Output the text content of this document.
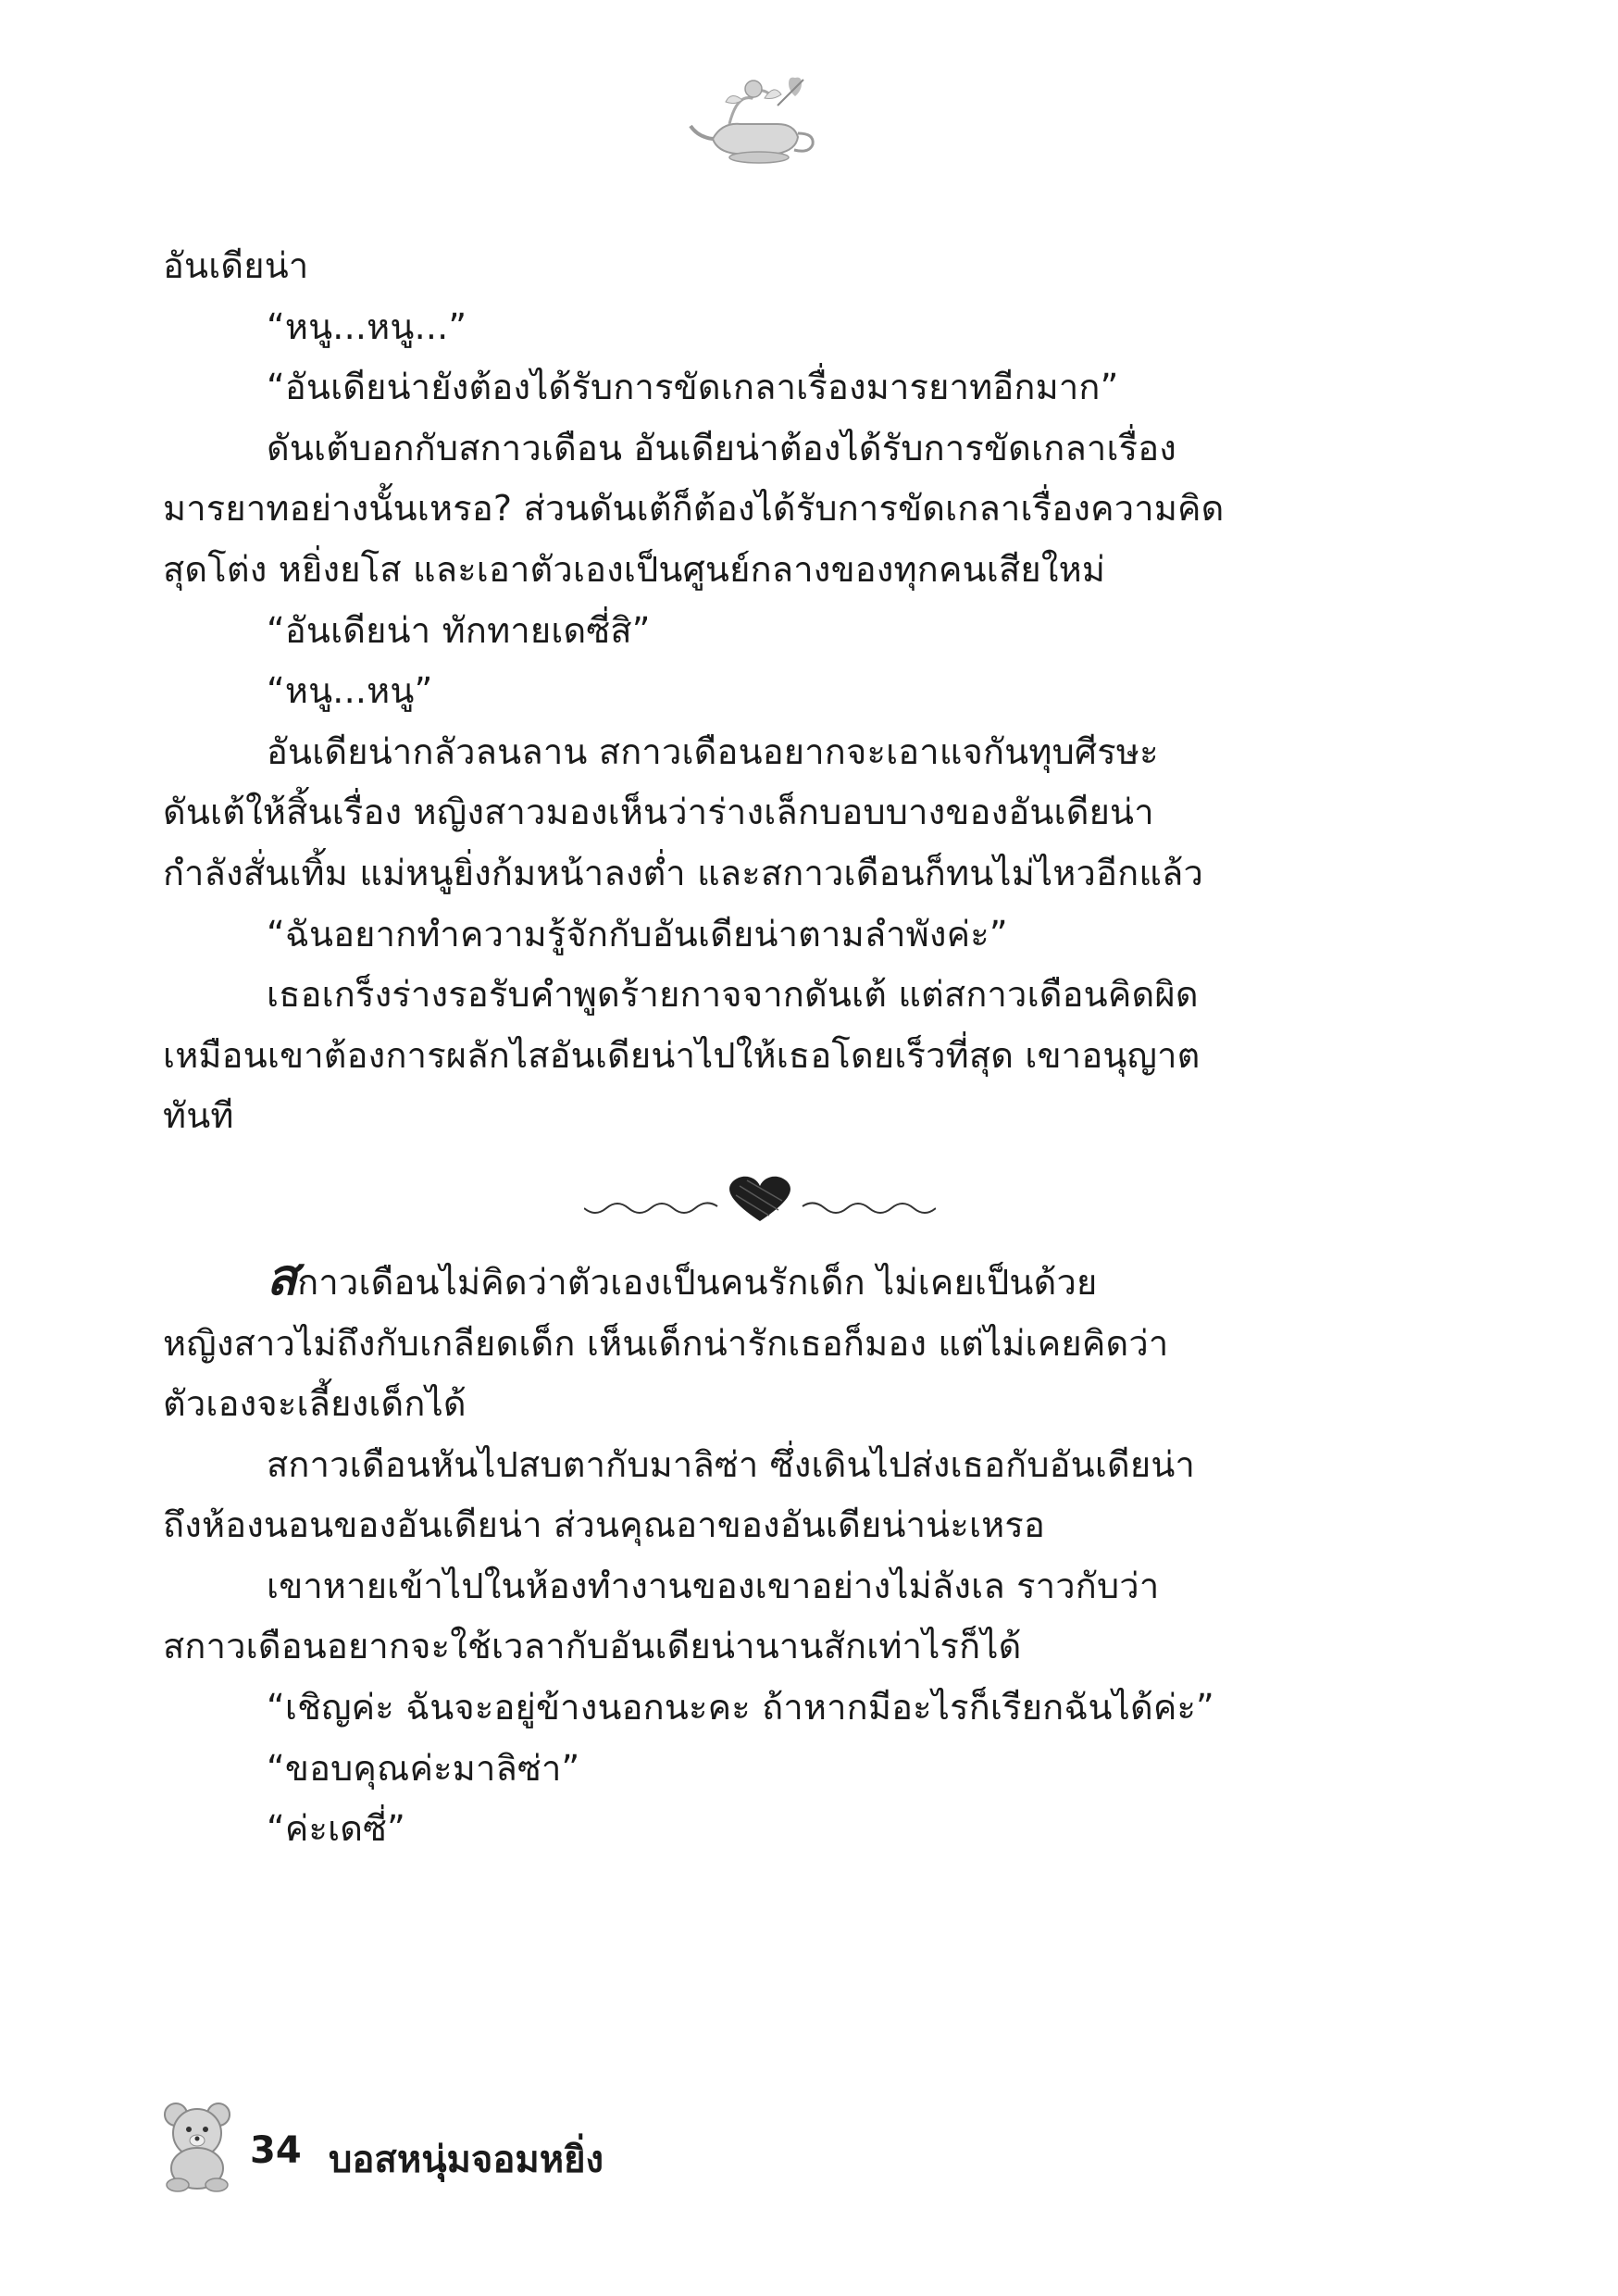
อันเดียน่า

“หนู...หนู...”

“อันเดียน่ายังต้องได้รับการขัดเกลาเรื่องมารยาทอีกมาก”

ดันเต้บอกกับสกาวเดือน อันเดียน่าต้องได้รับการขัดเกลาเรื่อง

มารยาทอย่างนั้นเหรอ? ส่วนดันเต้ก็ต้องได้รับการขัดเกลาเรื่องความคิด

สุดโต่ง หยิ่งยโส และเอาตัวเองเป็นศูนย์กลางของทุกคนเสียใหม่

“อันเดียน่า ทักทายเดซี่สิ”

“หนู...หนู”

อันเดียน่ากลัวลนลาน สกาวเดือนอยากจะเอาแจกันทุบศีรษะ

ดันเต้ให้สิ้นเรื่อง หญิงสาวมองเห็นว่าร่างเล็กบอบบางของอันเดียน่า

กำลังสั่นเทิ้ม แม่หนูยิ่งก้มหน้าลงต่ำ และสกาวเดือนก็ทนไม่ไหวอีกแล้ว

“ฉันอยากทำความรู้จักกับอันเดียน่าตามลำพังค่ะ”

เธอเกร็งร่างรอรับคำพูดร้ายกาจจากดันเต้ แต่สกาวเดือนคิดผิด

เหมือนเขาต้องการผลักไสอันเดียน่าไปให้เธอโดยเร็วที่สุด เขาอนุญาต

ทันที

สกาวเดือนไม่คิดว่าตัวเองเป็นคนรักเด็ก ไม่เคยเป็นด้วย

หญิงสาวไม่ถึงกับเกลียดเด็ก เห็นเด็กน่ารักเธอก็มอง แต่ไม่เคยคิดว่า

ตัวเองจะเลี้ยงเด็กได้

สกาวเดือนหันไปสบตากับมาลิซ่า ซึ่งเดินไปส่งเธอกับอันเดียน่า

ถึงห้องนอนของอันเดียน่า ส่วนคุณอาของอันเดียน่าน่ะเหรอ

เขาหายเข้าไปในห้องทำงานของเขาอย่างไม่ลังเล ราวกับว่า

สกาวเดือนอยากจะใช้เวลากับอันเดียน่านานสักเท่าไรก็ได้

“เชิญค่ะ ฉันจะอยู่ข้างนอกนะคะ ถ้าหากมีอะไรก็เรียกฉันได้ค่ะ”

“ขอบคุณค่ะมาลิซ่า”

“ค่ะเดซี่”

34 บอสหนุ่มจอมหยิ่ง
